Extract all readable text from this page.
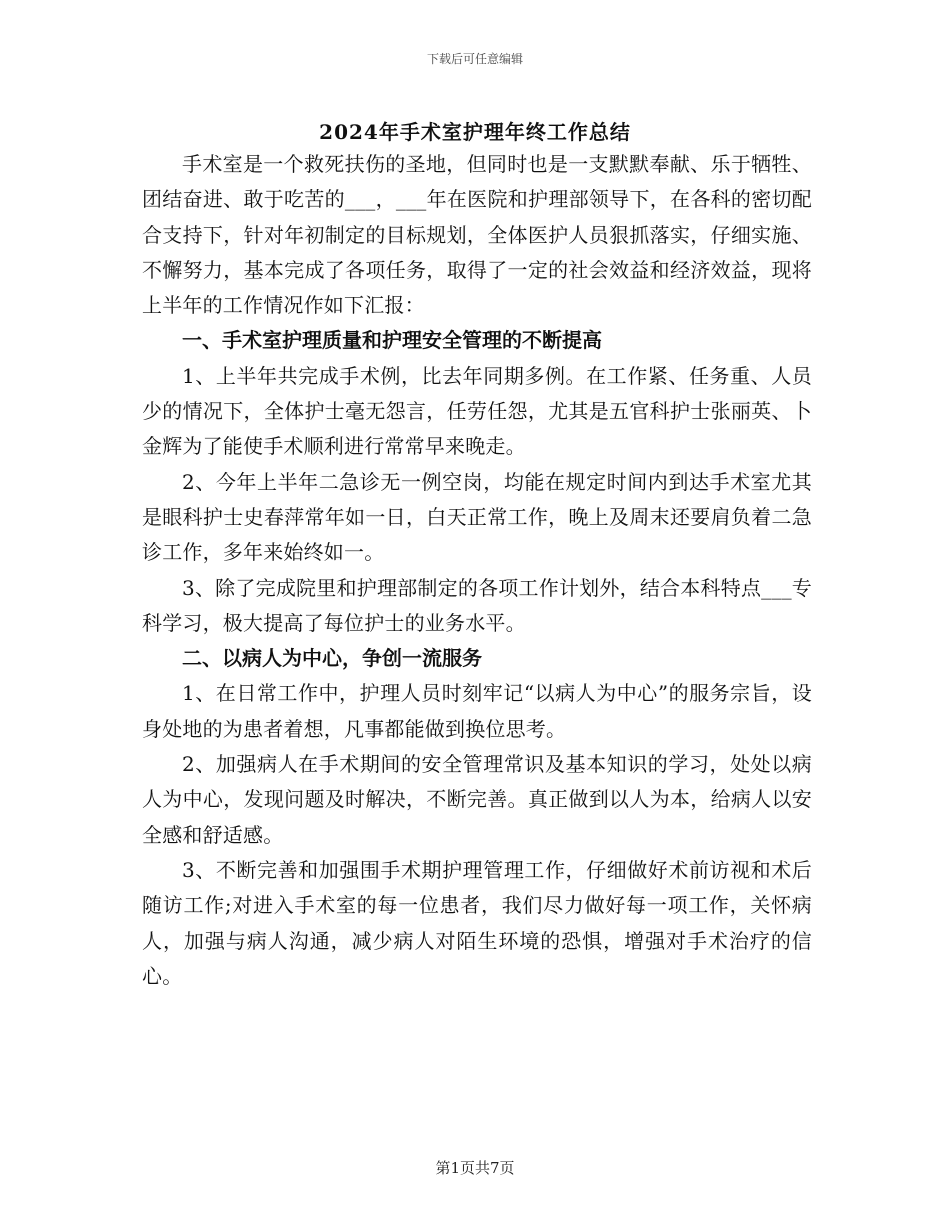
下载后可任意编辑
2024年手术室护理年终工作总结

手术室是一个救死扶伤的圣地，但同时也是一支默默奉献、乐于牺牲、团结奋进、敢于吃苦的___，___年在医院和护理部领导下，在各科的密切配合支持下，针对年初制定的目标规划，全体医护人员狠抓落实，仔细实施、不懈努力，基本完成了各项任务，取得了一定的社会效益和经济效益，现将上半年的工作情况作如下汇报：

一、手术室护理质量和护理安全管理的不断提高

1、上半年共完成手术例，比去年同期多例。在工作紧、任务重、人员少的情况下，全体护士毫无怨言，任劳任怨，尤其是五官科护士张丽英、卜金辉为了能使手术顺利进行常常早来晚走。

2、今年上半年二急诊无一例空岗，均能在规定时间内到达手术室尤其是眼科护士史春萍常年如一日，白天正常工作，晚上及周末还要肩负着二急诊工作，多年来始终如一。

3、除了完成院里和护理部制定的各项工作计划外，结合本科特点___专科学习，极大提高了每位护士的业务水平。

二、以病人为中心，争创一流服务

1、在日常工作中，护理人员时刻牢记“以病人为中心”的服务宗旨，设身处地的为患者着想，凡事都能做到换位思考。

2、加强病人在手术期间的安全管理常识及基本知识的学习，处处以病人为中心，发现问题及时解决，不断完善。真正做到以人为本，给病人以安全感和舒适感。

3、不断完善和加强围手术期护理管理工作，仔细做好术前访视和术后随访工作;对进入手术室的每一位患者，我们尽力做好每一项工作，关怀病人，加强与病人沟通，减少病人对陌生环境的恐惧，增强对手术治疗的信心。

第1页共7页
